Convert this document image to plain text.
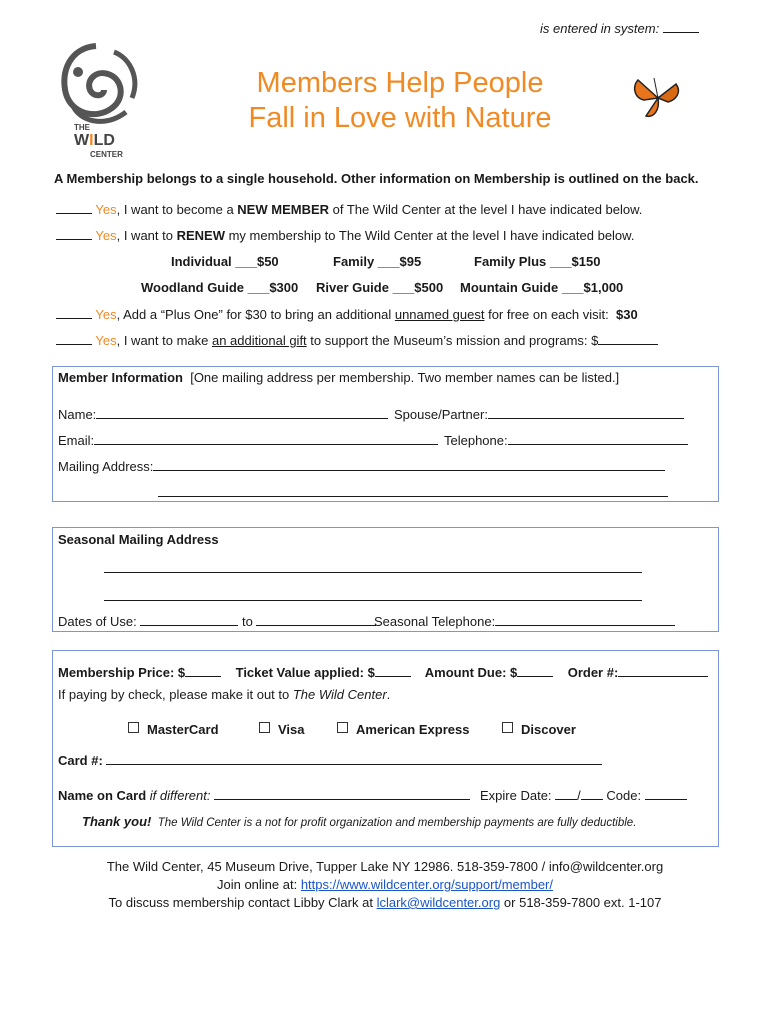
is entered in system:
THE
WILD
CENTER
Members Help People
Fall in Love with Nature
A Membership belongs to a single household. Other information on Membership is outlined on the back.
Yes, I want to become a NEW MEMBER of The Wild Center at the level I have indicated below.
Yes, I want to RENEW my membership to The Wild Center at the level I have indicated below.
Individual ___$50	Family ___$95	Family Plus ___$150
Woodland Guide ___$300 River Guide ___$500 Mountain Guide ___$1,000
Yes, Add a “Plus One” for $30 to bring an additional unnamed guest for free on each visit: $30
Yes, I want to make an additional gift to support the Museum’s mission and programs: $
Member Information [One mailing address per membership. Two member names can be listed.]
Name:	Spouse/Partner:
Email:	Telephone:
Mailing Address:
Seasonal Mailing Address
Dates of Use:	to	Seasonal Telephone:
Membership Price: $	Ticket Value applied: $	Amount Due: $	Order #:
If paying by check, please make it out to The Wild Center.
MasterCard	Visa	American Express	Discover
Card #:
Name on Card if different:	Expire Date: / Code:
Thank you! The Wild Center is a not for profit organization and membership payments are fully deductible.
The Wild Center, 45 Museum Drive, Tupper Lake NY 12986. 518-359-7800 / info@wildcenter.org
Join online at: https://www.wildcenter.org/support/member/
To discuss membership contact Libby Clark at lclark@wildcenter.org or 518-359-7800 ext. 1-107
